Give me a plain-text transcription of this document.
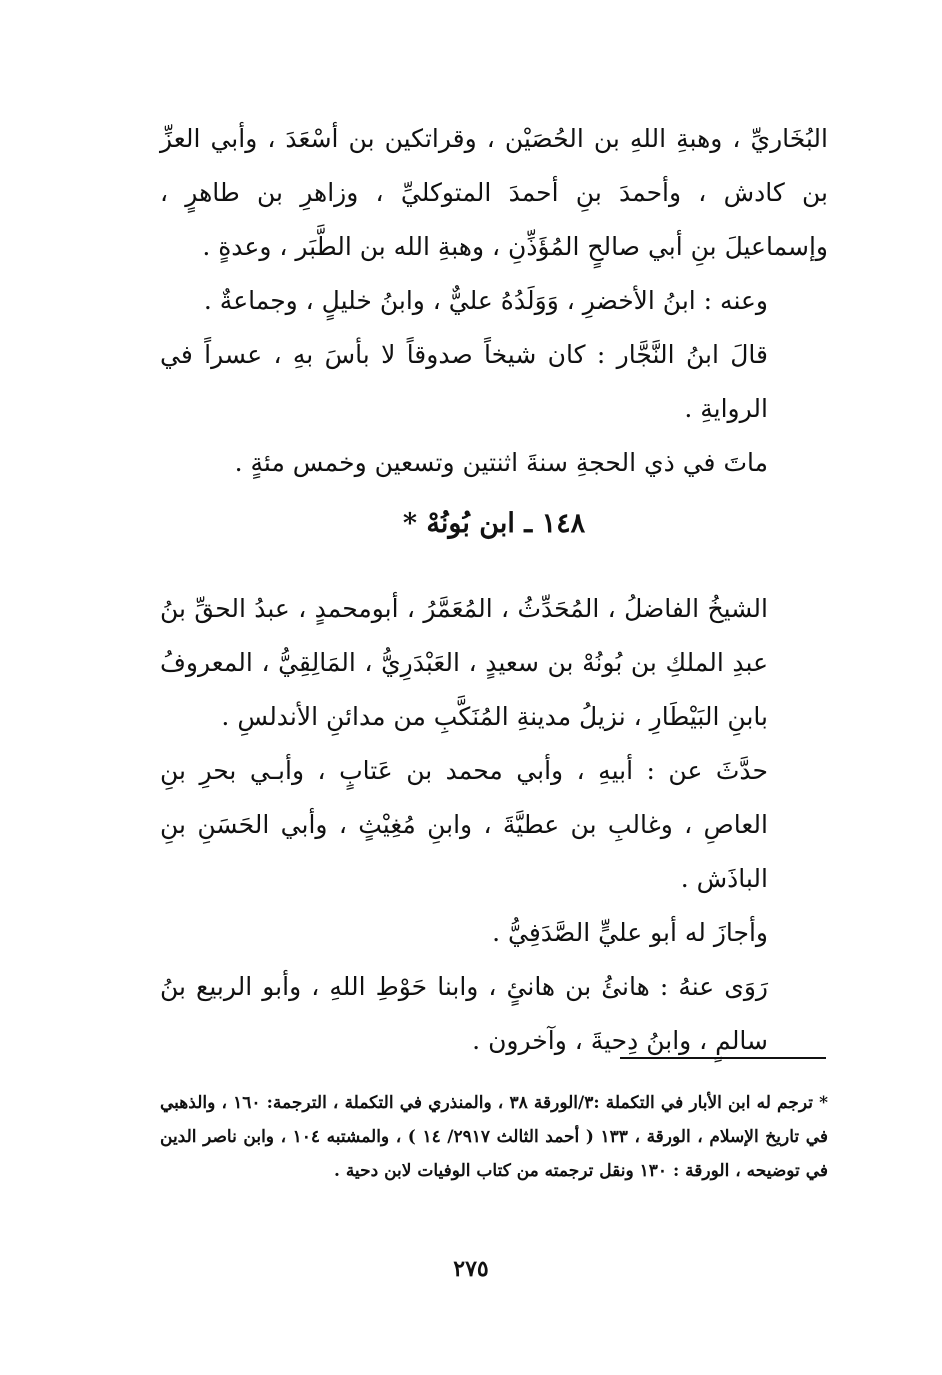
البُخَاريِّ ، وهبةِ اللهِ بن الحُصَيْن ، وقراتكين بن أسْعَدَ ، وأبي العزِّ بن كادش ، وأحمدَ بنِ أحمدَ المتوكليِّ ، وزاهرِ بن طاهرٍ ، وإسماعيلَ بنِ أبي صالحٍ المُؤَذِّنِ ، وهبةِ الله بن الطَّبَر ، وعدةٍ .

وعنه : ابنُ الأخضرِ ، وَوَلَدُهُ عليٌّ ، وابنُ خليلٍ ، وجماعةٌ .

قالَ ابنُ النَّجَّار : كان شيخاً صدوقاً لا بأسَ بهِ ، عسراً في الروايةِ .

ماتَ في ذي الحجةِ سنةَ اثنتين وتسعين وخمس مئةٍ .

١٤٨ ـ ابن بُونُهْ *

الشيخُ الفاضلُ ، المُحَدِّثُ ، المُعَمَّرُ ، أبومحمدٍ ، عبدُ الحقِّ بنُ عبدِ الملكِ بن بُونُهْ بن سعيدٍ ، العَبْدَرِيُّ ، المَالِقِيُّ ، المعروفُ بابنِ البَيْطَارِ ، نزيلُ مدينةِ المُنَكَّبِ من مدائنِ الأندلسِ .

حدَّثَ عن : أبيهِ ، وأبي محمد بن عَتابٍ ، وأبـي بحرِ بنِ العاصِ ، وغالبِ بن عطيَّةَ ، وابنِ مُغِيْثٍ ، وأبي الحَسَنِ بنِ الباذَش .

وأجازَ له أبو عليٍّ الصَّدَفِيُّ .

رَوَى عنهُ : هانئُ بن هانئٍ ، وابنا حَوْطِ اللهِ ، وأبو الربيع بنُ سالمٍ ، وابنُ دِحيةَ ، وآخرون .

* ترجم له ابن الأبار في التكملة :٣/الورقة ٣٨ ، والمنذري في التكملة ، الترجمة: ١٦٠ ، والذهبي في تاريخ الإسلام ، الورقة ، ١٣٣ ( أحمد الثالث ٢٩١٧/ ١٤ ) ، والمشتبه ١٠٤ ، وابن ناصر الدين في توضيحه ، الورقة : ١٣٠ ونقل ترجمته من كتاب الوفيات لابن دحية .

٢٧٥
